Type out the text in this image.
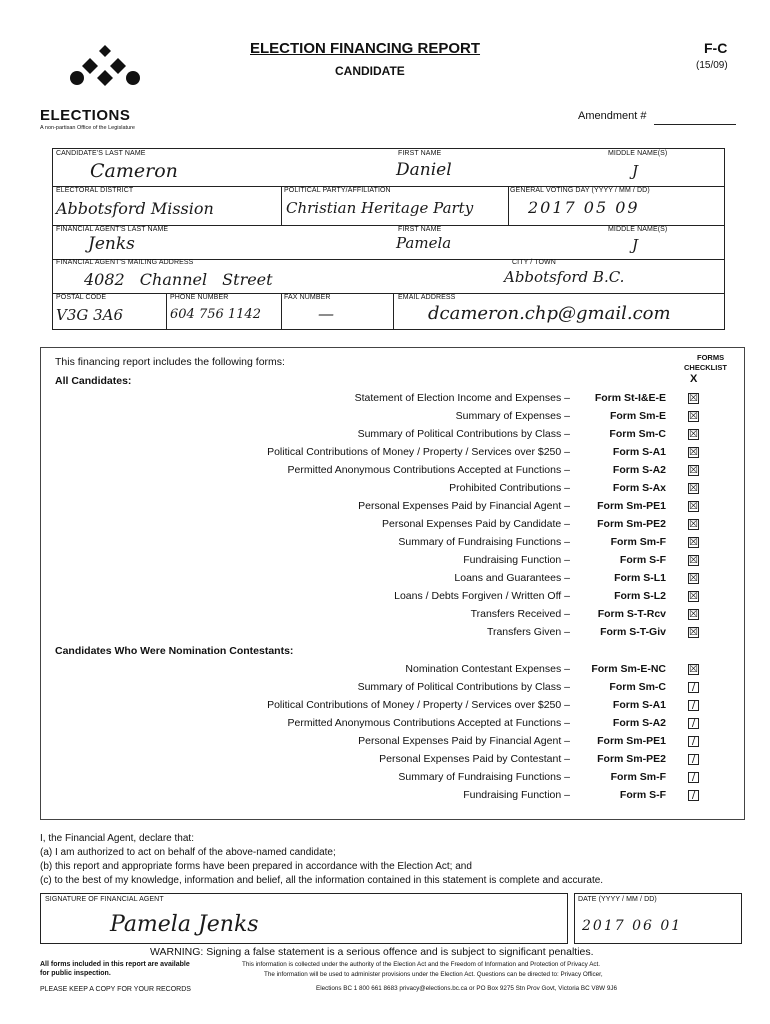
ELECTIONS
A non-partisan Office of the Legislature
ELECTION FINANCING REPORT
CANDIDATE
F-C
(15/09)
Amendment #
CANDIDATE'S LAST NAME
Cameron
FIRST NAME
Daniel
MIDDLE NAME(S)
J
ELECTORAL DISTRICT
Abbotsford Mission
POLITICAL PARTY/AFFILIATION
Christian Heritage Party
GENERAL VOTING DAY (YYYY / MM / DD)
2017 05 09
FINANCIAL AGENT'S LAST NAME
Jenks
FIRST NAME
Pamela
MIDDLE NAME(S)
J
FINANCIAL AGENT'S MAILING ADDRESS
4082 Channel Street
CITY / TOWN
Abbotsford B.C.
POSTAL CODE
V3G 3A6
PHONE NUMBER
604 756 1142
FAX NUMBER
—
EMAIL ADDRESS
dcameron.chp@gmail.com
This financing report includes the following forms:	FORMS
CHECKLIST
X
All Candidates:
Statement of Election Income and Expenses –	Form St-I&E-E ☒
Summary of Expenses –	Form Sm-E ☒
Summary of Political Contributions by Class –	Form Sm-C ☒
Political Contributions of Money / Property / Services over $250 –	Form S-A1 ☒
Permitted Anonymous Contributions Accepted at Functions –	Form S-A2 ☒
Prohibited Contributions –	Form S-Ax ☒
Personal Expenses Paid by Financial Agent –	Form Sm-PE1 ☒
Personal Expenses Paid by Candidate –	Form Sm-PE2 ☒
Summary of Fundraising Functions –	Form Sm-F ☒
Fundraising Function –	Form S-F ☒
Loans and Guarantees –	Form S-L1 ☒
Loans / Debts Forgiven / Written Off –	Form S-L2 ☒
Transfers Received –	Form S-T-Rcv ☒
Transfers Given –	Form S-T-Giv ☒
Candidates Who Were Nomination Contestants:
Nomination Contestant Expenses –	Form Sm-E-NC ☒
Summary of Political Contributions by Class –	Form Sm-C	/
Political Contributions of Money / Property / Services over $250 –	Form S-A1	/
Permitted Anonymous Contributions Accepted at Functions –	Form S-A2	/
Personal Expenses Paid by Financial Agent –	Form Sm-PE1	/
Personal Expenses Paid by Contestant –	Form Sm-PE2	/
Summary of Fundraising Functions –	Form Sm-F	/
Fundraising Function –	Form S-F	/
I, the Financial Agent, declare that:
(a) I am authorized to act on behalf of the above-named candidate;
(b) this report and appropriate forms have been prepared in accordance with the Election Act; and
(c) to the best of my knowledge, information and belief, all the information contained in this statement is complete and accurate.
SIGNATURE OF FINANCIAL AGENT
Pamela Jenks
DATE (YYYY / MM / DD)
2017 06 01
WARNING: Signing a false statement is a serious offence and is subject to significant penalties.
All forms included in this report are available
for public inspection.
PLEASE KEEP A COPY FOR YOUR RECORDS
This information is collected under the authority of the Election Act and the Freedom of Information and Protection of Privacy Act.
The information will be used to administer provisions under the Election Act. Questions can be directed to: Privacy Officer,
Elections BC 1 800 661 8683 privacy@elections.bc.ca or PO Box 9275 Stn Prov Govt, Victoria BC V8W 9J6
